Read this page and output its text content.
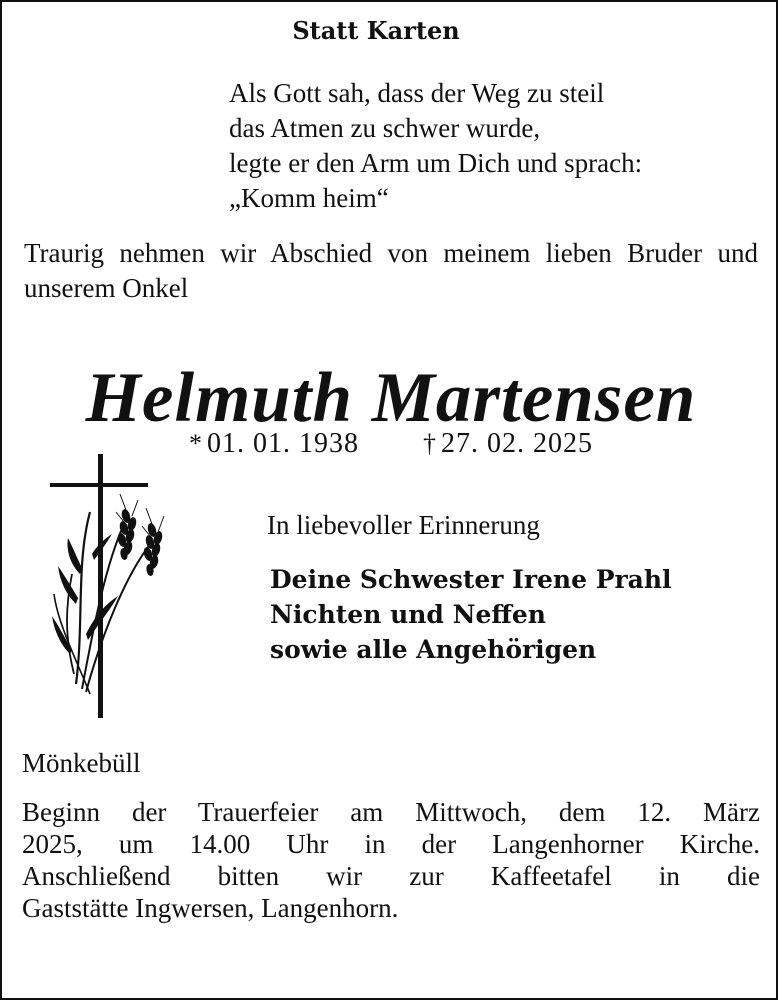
Statt Karten
Als Gott sah, dass der Weg zu steil
das Atmen zu schwer wurde,
legte er den Arm um Dich und sprach:
„Komm heim“
Traurig nehmen wir Abschied von meinem lieben Bruder und unserem Onkel
Helmuth Martensen
* 01. 01. 1938 † 27. 02. 2025
In liebevoller Erinnerung
Deine Schwester Irene Prahl
Nichten und Neffen
sowie alle Angehörigen
Mönkebüll
Beginn der Trauerfeier am Mittwoch, dem 12. März
2025, um 14.00 Uhr in der Langenhorner Kirche.
Anschließend bitten wir zur Kaffeetafel in die
Gaststätte Ingwersen, Langenhorn.
